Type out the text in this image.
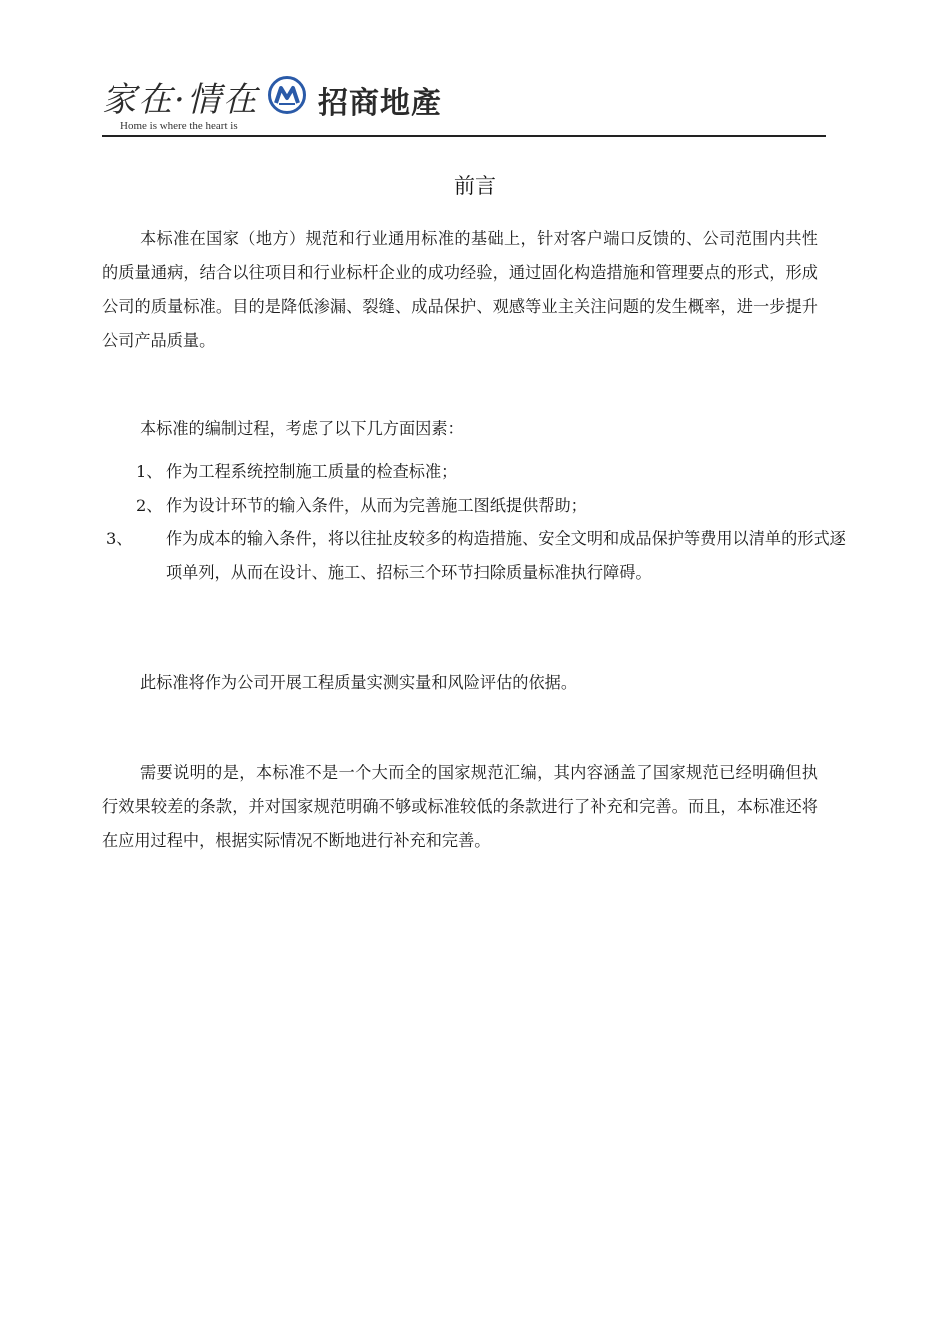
家在·情在
Home is where the heart is
招商地產
前言
本标准在国家（地方）规范和行业通用标准的基础上，针对客户端口反馈的、公司范围内共性的质量通病，结合以往项目和行业标杆企业的成功经验，通过固化构造措施和管理要点的形式，形成公司的质量标准。目的是降低渗漏、裂缝、成品保护、观感等业主关注问题的发生概率，进一步提升公司产品质量。
本标准的编制过程，考虑了以下几方面因素：
1、 作为工程系统控制施工质量的检查标准；
2、 作为设计环节的输入条件，从而为完善施工图纸提供帮助；
3、 作为成本的输入条件，将以往扯皮较多的构造措施、安全文明和成品保护等费用以清单的形式逐项单列，从而在设计、施工、招标三个环节扫除质量标准执行障碍。
此标准将作为公司开展工程质量实测实量和风险评估的依据。
需要说明的是，本标准不是一个大而全的国家规范汇编，其内容涵盖了国家规范已经明确但执行效果较差的条款，并对国家规范明确不够或标准较低的条款进行了补充和完善。而且，本标准还将在应用过程中，根据实际情况不断地进行补充和完善。
